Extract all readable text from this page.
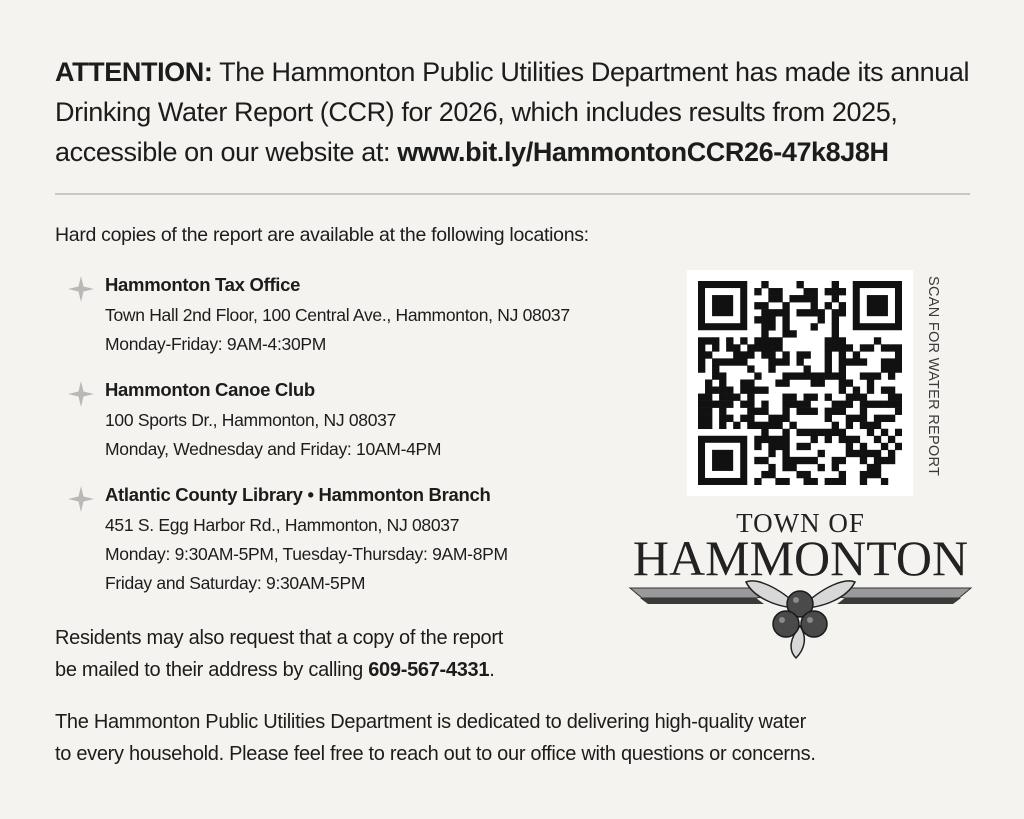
ATTENTION: The Hammonton Public Utilities Department has made its annual
Drinking Water Report (CCR) for 2026, which includes results from 2025,
accessible on our website at: www.bit.ly/HammontonCCR26-47k8J8H
Hard copies of the report are available at the following locations:
Hammonton Tax Office
Town Hall 2nd Floor, 100 Central Ave., Hammonton, NJ 08037
Monday-Friday: 9AM-4:30PM
Hammonton Canoe Club
100 Sports Dr., Hammonton, NJ 08037
Monday, Wednesday and Friday: 10AM-4PM
Atlantic County Library • Hammonton Branch
451 S. Egg Harbor Rd., Hammonton, NJ 08037
Monday: 9:30AM-5PM, Tuesday-Thursday: 9AM-8PM
Friday and Saturday: 9:30AM-5PM
Residents may also request that a copy of the report
be mailed to their address by calling 609-567-4331.
The Hammonton Public Utilities Department is dedicated to delivering high-quality water
to every household. Please feel free to reach out to our office with questions or concerns.
SCAN FOR WATER REPORT
TOWN OF
HAMMONTON
